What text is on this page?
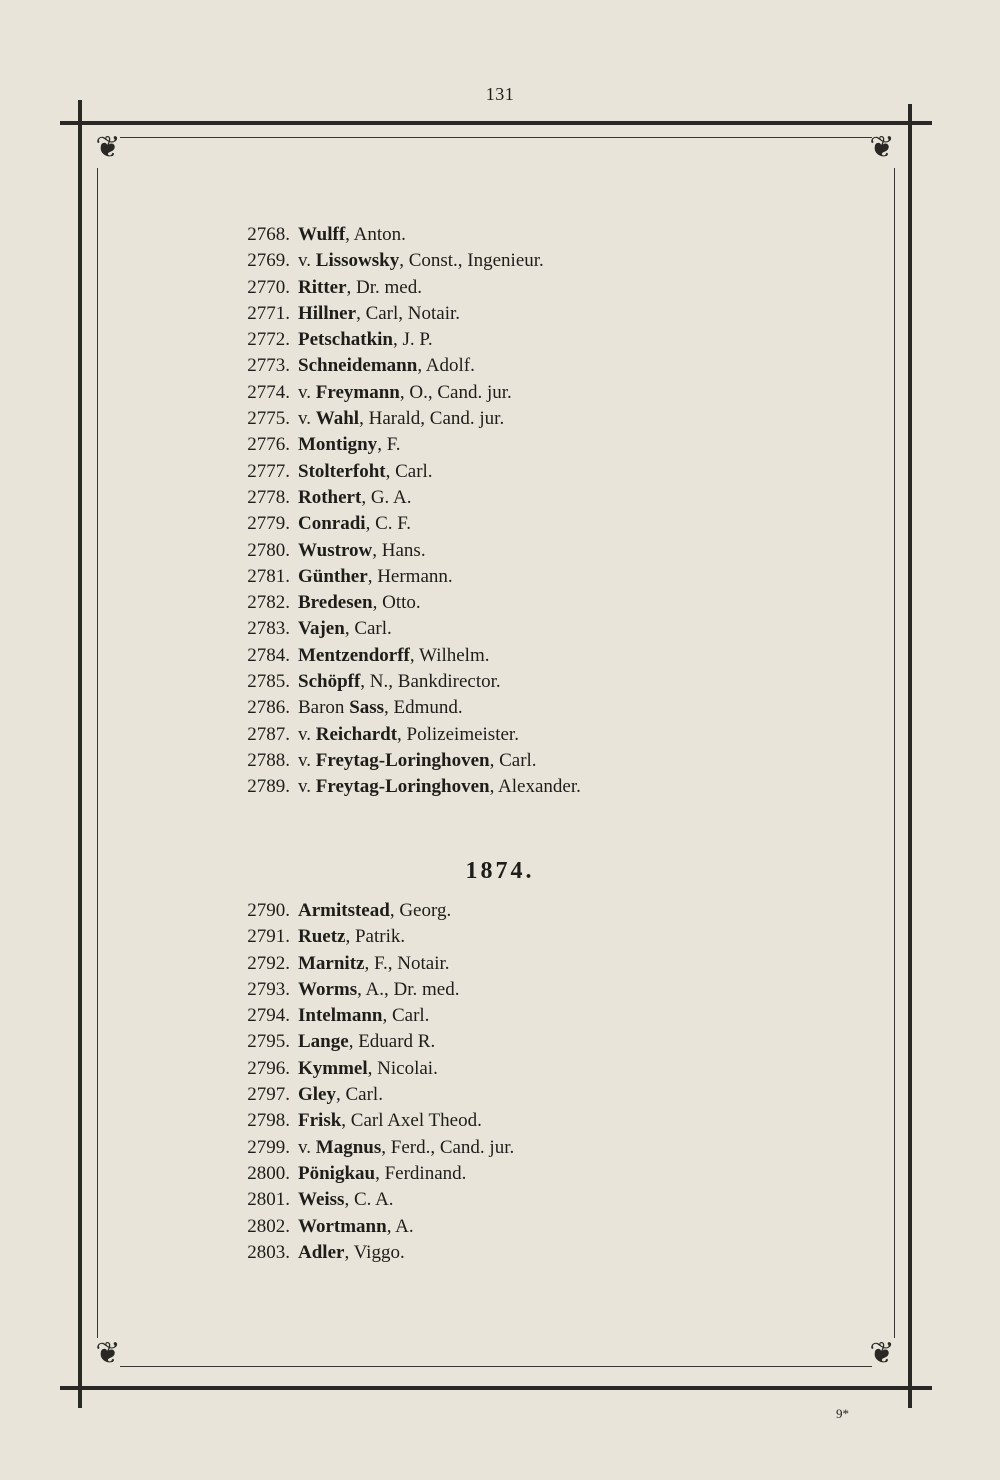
131
❦	❦
❦	❦
2768. Wulff, Anton.
2769. v. Lissowsky, Const., Ingenieur.
2770. Ritter, Dr. med.
2771. Hillner, Carl, Notair.
2772. Petschatkin, J. P.
2773. Schneidemann, Adolf.
2774. v. Freymann, O., Cand. jur.
2775. v. Wahl, Harald, Cand. jur.
2776. Montigny, F.
2777. Stolterfoht, Carl.
2778. Rothert, G. A.
2779. Conradi, C. F.
2780. Wustrow, Hans.
2781. Günther, Hermann.
2782. Bredesen, Otto.
2783. Vajen, Carl.
2784. Mentzendorff, Wilhelm.
2785. Schöpff, N., Bankdirector.
2786. Baron Sass, Edmund.
2787. v. Reichardt, Polizeimeister.
2788. v. Freytag-Loringhoven, Carl.
2789. v. Freytag-Loringhoven, Alexander.
1874.
2790. Armitstead, Georg.
2791. Ruetz, Patrik.
2792. Marnitz, F., Notair.
2793. Worms, A., Dr. med.
2794. Intelmann, Carl.
2795. Lange, Eduard R.
2796. Kymmel, Nicolai.
2797. Gley, Carl.
2798. Frisk, Carl Axel Theod.
2799. v. Magnus, Ferd., Cand. jur.
2800. Pönigkau, Ferdinand.
2801. Weiss, C. A.
2802. Wortmann, A.
2803. Adler, Viggo.
9*
